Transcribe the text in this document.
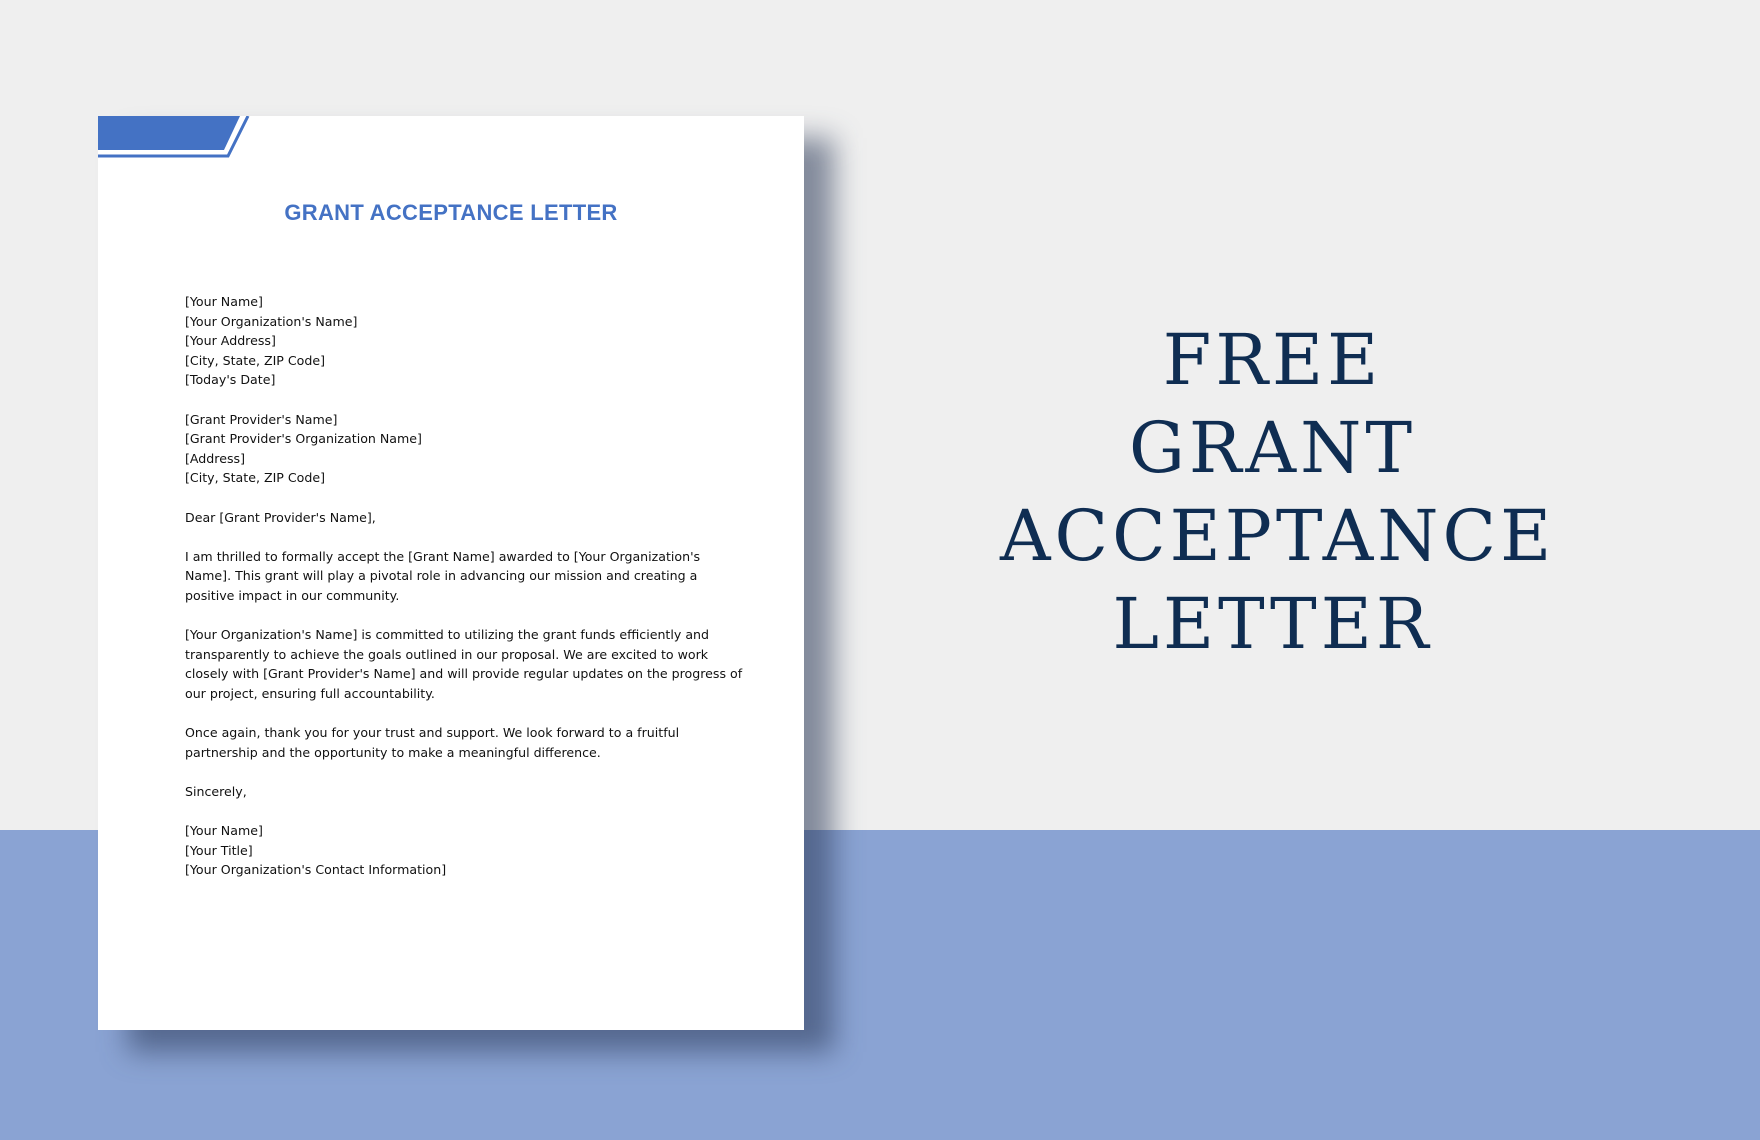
GRANT ACCEPTANCE LETTER
[Your Name]
[Your Organization's Name]
[Your Address]
[City, State, ZIP Code]
[Today's Date]
[Grant Provider's Name]
[Grant Provider's Organization Name]
[Address]
[City, State, ZIP Code]

Dear [Grant Provider's Name],

I am thrilled to formally accept the [Grant Name] awarded to [Your Organization's Name]. This grant will play a pivotal role in advancing our mission and creating a positive impact in our community.

[Your Organization's Name] is committed to utilizing the grant funds efficiently and transparently to achieve the goals outlined in our proposal. We are excited to work closely with [Grant Provider's Name] and will provide regular updates on the progress of our project, ensuring full accountability.

Once again, thank you for your trust and support. We look forward to a fruitful partnership and the opportunity to make a meaningful difference.

Sincerely,

[Your Name]
[Your Title]
[Your Organization's Contact Information]
FREE
GRANT
ACCEPTANCE
LETTER
